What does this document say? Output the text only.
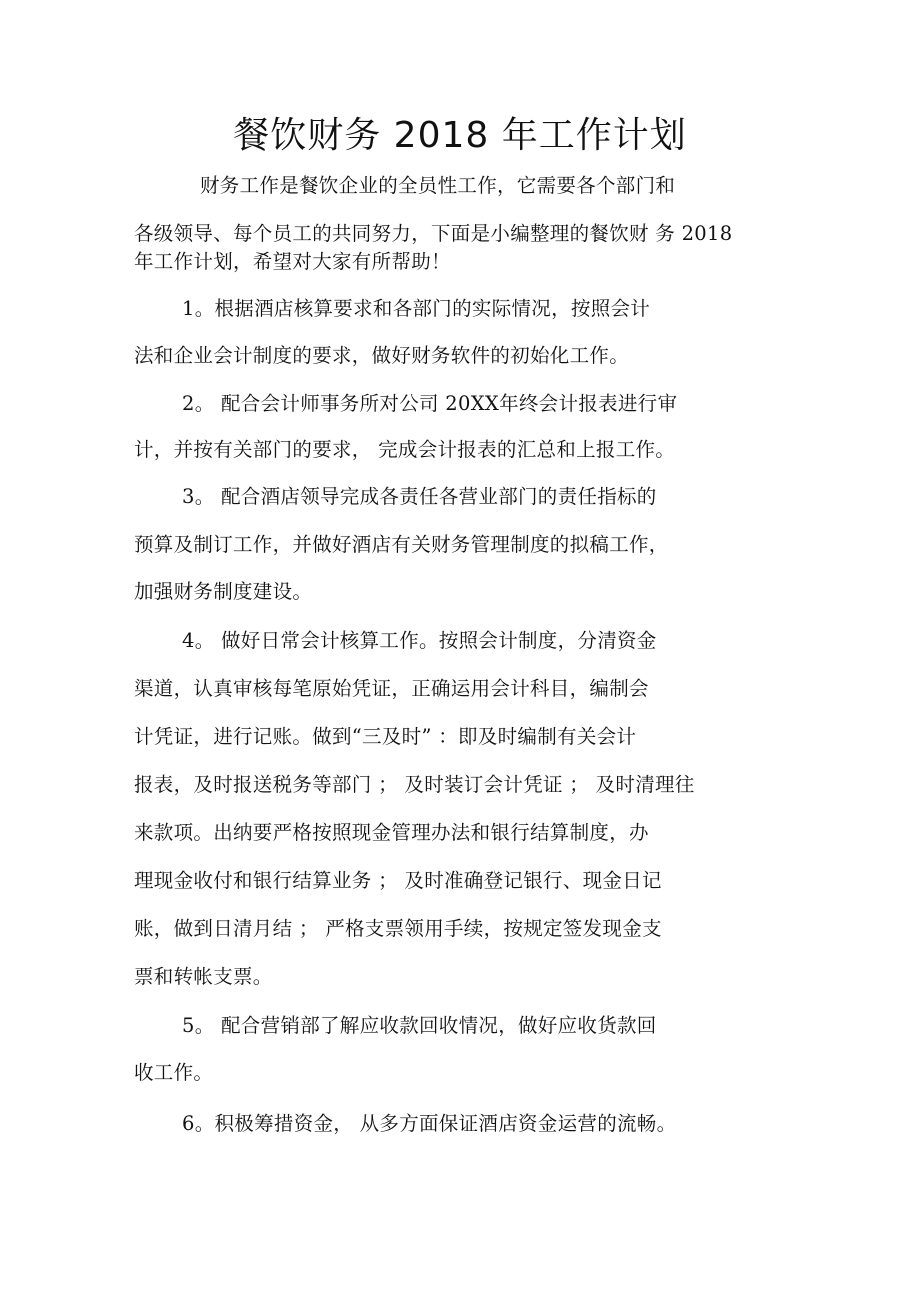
餐饮财务 2018 年工作计划
财务工作是餐饮企业的全员性工作，它需要各个部门和
各级领导、每个员工的共同努力，下面是小编整理的餐饮财 务 2018
年工作计划，希望对大家有所帮助！
1。根据酒店核算要求和各部门的实际情况，按照会计
法和企业会计制度的要求，做好财务软件的初始化工作。
2。 配合会计师事务所对公司 20XX年终会计报表进行审
计，并按有关部门的要求， 完成会计报表的汇总和上报工作。
3。 配合酒店领导完成各责任各营业部门的责任指标的
预算及制订工作，并做好酒店有关财务管理制度的拟稿工作，
加强财务制度建设。
4。 做好日常会计核算工作。按照会计制度，分清资金
渠道，认真审核每笔原始凭证，正确运用会计科目，编制会
计凭证，进行记账。做到“三及时” ：即及时编制有关会计
报表，及时报送税务等部门 ； 及时装订会计凭证 ； 及时清理往
来款项。出纳要严格按照现金管理办法和银行结算制度，办
理现金收付和银行结算业务 ； 及时准确登记银行、现金日记
账，做到日清月结 ； 严格支票领用手续，按规定签发现金支
票和转帐支票。
5。 配合营销部了解应收款回收情况，做好应收货款回
收工作。
6。积极筹措资金， 从多方面保证酒店资金运营的流畅。
